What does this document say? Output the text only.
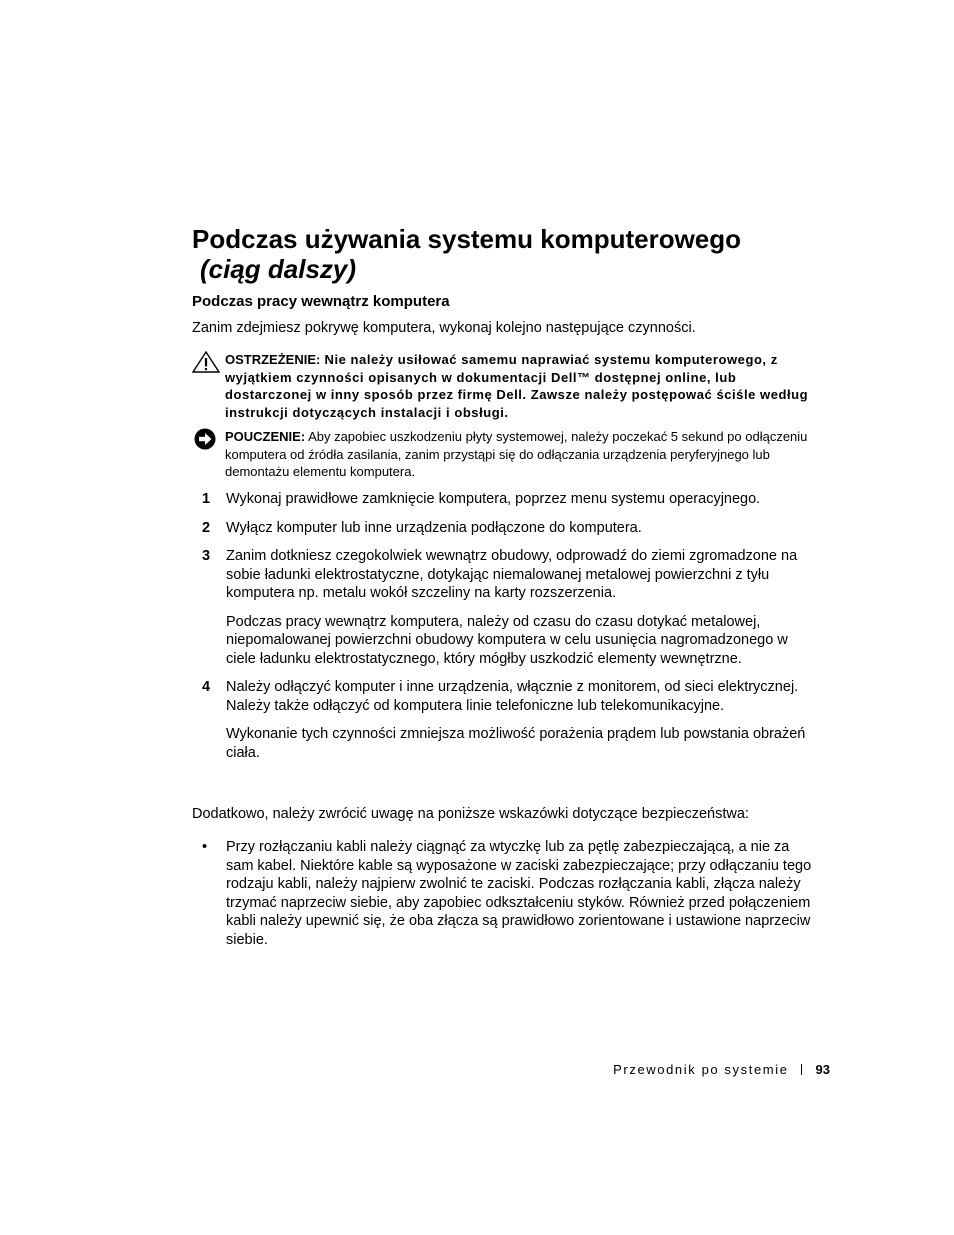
Podczas używania systemu komputerowego
(ciąg dalszy)
Podczas pracy wewnątrz komputera

Zanim zdejmiesz pokrywę komputera, wykonaj kolejno następujące czynności.

OSTRZEŻENIE: Nie należy usiłować samemu naprawiać systemu komputerowego, z wyjątkiem czynności opisanych w dokumentacji Dell™ dostępnej online, lub dostarczonej w inny sposób przez firmę Dell. Zawsze należy postępować ściśle według instrukcji dotyczących instalacji i obsługi.
POUCZENIE: Aby zapobiec uszkodzeniu płyty systemowej, należy poczekać 5 sekund po odłączeniu komputera od źródła zasilania, zanim przystąpi się do odłączania urządzenia peryferyjnego lub demontażu elementu komputera.
1 Wykonaj prawidłowe zamknięcie komputera, poprzez menu systemu operacyjnego.

2 Wyłącz komputer lub inne urządzenia podłączone do komputera.

3 Zanim dotkniesz czegokolwiek wewnątrz obudowy, odprowadź do ziemi zgromadzone na sobie ładunki elektrostatyczne, dotykając niemalowanej metalowej powierzchni z tyłu komputera np. metalu wokół szczeliny na karty rozszerzenia.

Podczas pracy wewnątrz komputera, należy od czasu do czasu dotykać metalowej, niepomalowanej powierzchni obudowy komputera w celu usunięcia nagromadzonego w ciele ładunku elektrostatycznego, który mógłby uszkodzić elementy wewnętrzne.

4 Należy odłączyć komputer i inne urządzenia, włącznie z monitorem, od sieci elektrycznej. Należy także odłączyć od komputera linie telefoniczne lub telekomunikacyjne.

Wykonanie tych czynności zmniejsza możliwość porażenia prądem lub powstania obrażeń ciała.

Dodatkowo, należy zwrócić uwagę na poniższe wskazówki dotyczące bezpieczeństwa:

• Przy rozłączaniu kabli należy ciągnąć za wtyczkę lub za pętlę zabezpieczającą, a nie za sam kabel. Niektóre kable są wyposażone w zaciski zabezpieczające; przy odłączaniu tego rodzaju kabli, należy najpierw zwolnić te zaciski. Podczas rozłączania kabli, złącza należy trzymać naprzeciw siebie, aby zapobiec odkształceniu styków. Również przed połączeniem kabli należy upewnić się, że oba złącza są prawidłowo zorientowane i ustawione naprzeciw siebie.
Przewodnik po systemie 93
